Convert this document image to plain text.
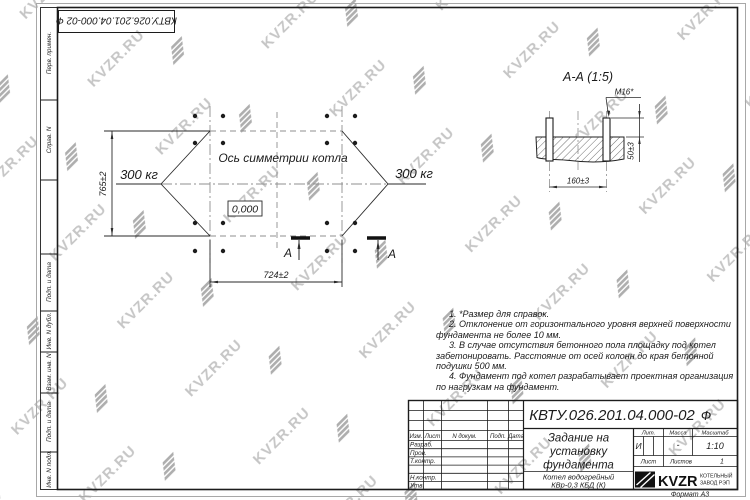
Перв. примен.
Справ. N
Подп. и дата
Инв. N дубл.
Взам. инв. N
Подп. и дата
Инв. N подл.
КВТУ.026.201.04.000-02 Ф
Ось симметрии котла
0,000
300 кг	300 кг
765±2
724±2
А	А
А-А (1:5)
М16*
50±3
160±3
КВТУ.026.201.04.000-02 Ф
Изм. Лист N докум. Подп. Дата
Разраб.
Пров.
Т.контр.
Н.контр.
Утв.
Задание на
установку
фундамента
Котел водогрейный
КВр-0,3 КБД (К)
Лит. Масса	Масштаб
И	-	1:10
Лист Листов	1
KVZR КОТЕЛЬНЫЙ
ЗАВОД РЭП
Формат А3

1. *Размер для справок.

2. Отклонение от горизонтального уровня верхней поверхности фундамента не более 10 мм.

3. В случае отсутствия бетонного пола площадку под котел забетонировать. Расстояние от осей колонн до края бетонной подушки 500 мм.

4. Фундамент под котел разрабатывает проектная организация по нагрузкам на фундамент.
